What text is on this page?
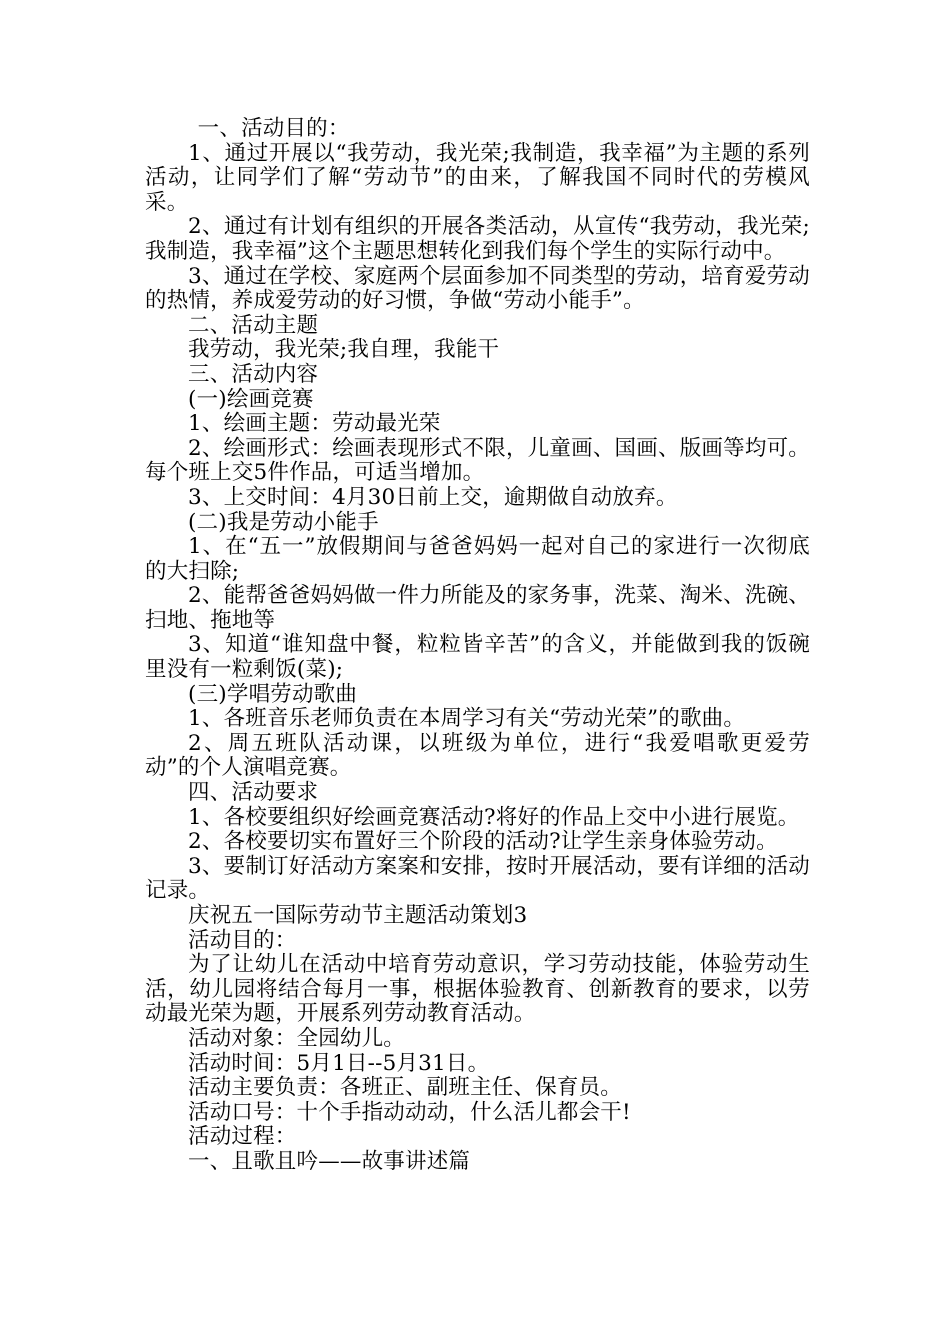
一、活动目的：

1、通过开展以“我劳动，我光荣;我制造，我幸福”为主题的系列活动，让同学们了解“劳动节”的由来，了解我国不同时代的劳模风采。

2、通过有计划有组织的开展各类活动，从宣传“我劳动，我光荣;我制造，我幸福”这个主题思想转化到我们每个学生的实际行动中。

3、通过在学校、家庭两个层面参加不同类型的劳动，培育爱劳动的热情，养成爱劳动的好习惯，争做“劳动小能手”。

二、活动主题

我劳动，我光荣;我自理，我能干

三、活动内容

(一)绘画竞赛

1、绘画主题：劳动最光荣

2、绘画形式：绘画表现形式不限，儿童画、国画、版画等均可。每个班上交5件作品，可适当增加。

3、上交时间：4月30日前上交，逾期做自动放弃。

(二)我是劳动小能手

1、在“五一”放假期间与爸爸妈妈一起对自己的家进行一次彻底的大扫除;

2、能帮爸爸妈妈做一件力所能及的家务事，洗菜、淘米、洗碗、扫地、拖地等

3、知道“谁知盘中餐，粒粒皆辛苦”的含义，并能做到我的饭碗里没有一粒剩饭(菜);

(三)学唱劳动歌曲

1、各班音乐老师负责在本周学习有关“劳动光荣”的歌曲。

2、周五班队活动课，以班级为单位，进行“我爱唱歌更爱劳动”的个人演唱竞赛。

四、活动要求

1、各校要组织好绘画竞赛活动?将好的作品上交中小进行展览。

2、各校要切实布置好三个阶段的活动?让学生亲身体验劳动。

3、要制订好活动方案案和安排，按时开展活动，要有详细的活动记录。

庆祝五一国际劳动节主题活动策划3

活动目的：

为了让幼儿在活动中培育劳动意识，学习劳动技能，体验劳动生活，幼儿园将结合每月一事，根据体验教育、创新教育的要求，以劳动最光荣为题，开展系列劳动教育活动。

活动对象：全园幼儿。

活动时间：5月1日--5月31日。

活动主要负责：各班正、副班主任、保育员。

活动口号：十个手指动动动，什么活儿都会干!

活动过程：

一、且歌且吟——故事讲述篇
